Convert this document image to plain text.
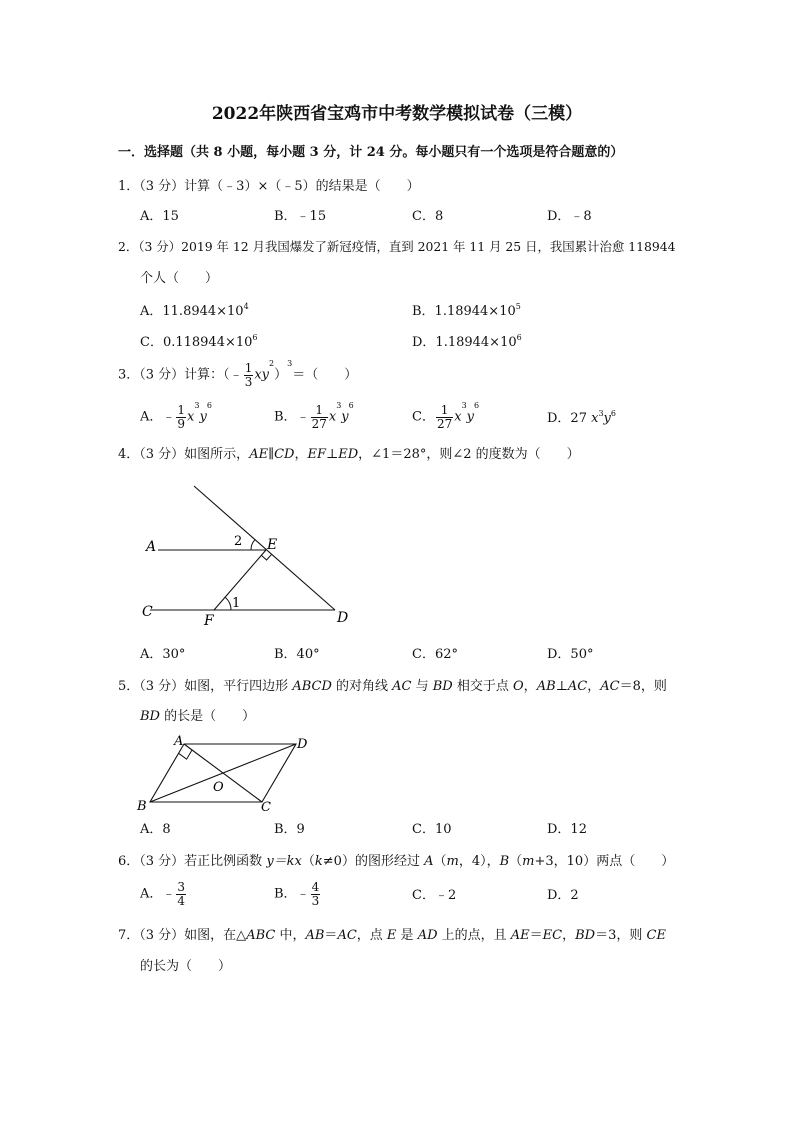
2022年陕西省宝鸡市中考数学模拟试卷（三模）
一．选择题（共 8 小题，每小题 3 分，计 24 分。每小题只有一个选项是符合题意的）
1．（3 分）计算（﹣3）×（﹣5）的结果是（　　）
A．15	B．﹣15	C．8	D．﹣8
2．（3 分）2019 年 12 月我国爆发了新冠疫情，直到 2021 年 11 月 25 日，我国累计治愈 118944
个人（　　）
A．$11.8944\times 10^4$	B．$1.18944\times 10^5$
C．$0.118944\times 10^6$	D．$1.18944\times 10^6$
3．（3 分）计算：（﹣ $\frac{1}{3} xy^2)^3=$（　　）
A．﹣ $\frac{1}{9} x^3y^6$
B．﹣ $\frac{1}{27} x^3y^6$
C． $\frac{1}{27} x^3y^6$
D．27 $x^3y^6$
4．（3 分）如图所示，AE∥CD，EF⊥ED，∠1＝28°，则∠2 的度数为（　　）
A	E
2
C
1
F	D
A．30°	B．40°	C．62°	D．50°
5．（3 分）如图，平行四边形 ABCD 的对角线 AC 与 BD 相交于点 O，AB⊥AC，AC＝8，则
BD 的长是（　　）
A	D
O
B	C
A．8	B．9	C．10	D．12
6．（3 分）若正比例函数 y＝kx（k≠0）的图形经过 A（m，4），B（m+3，10）两点（　　）
A．﹣ $\frac{3}{4}$	B．﹣ $\frac{4}{3}$	C．﹣2	D．2
7．（3 分）如图，在△ABC 中，AB＝AC，点 E 是 AD 上的点，且 AE＝EC，BD＝3，则 CE
的长为（　　）
